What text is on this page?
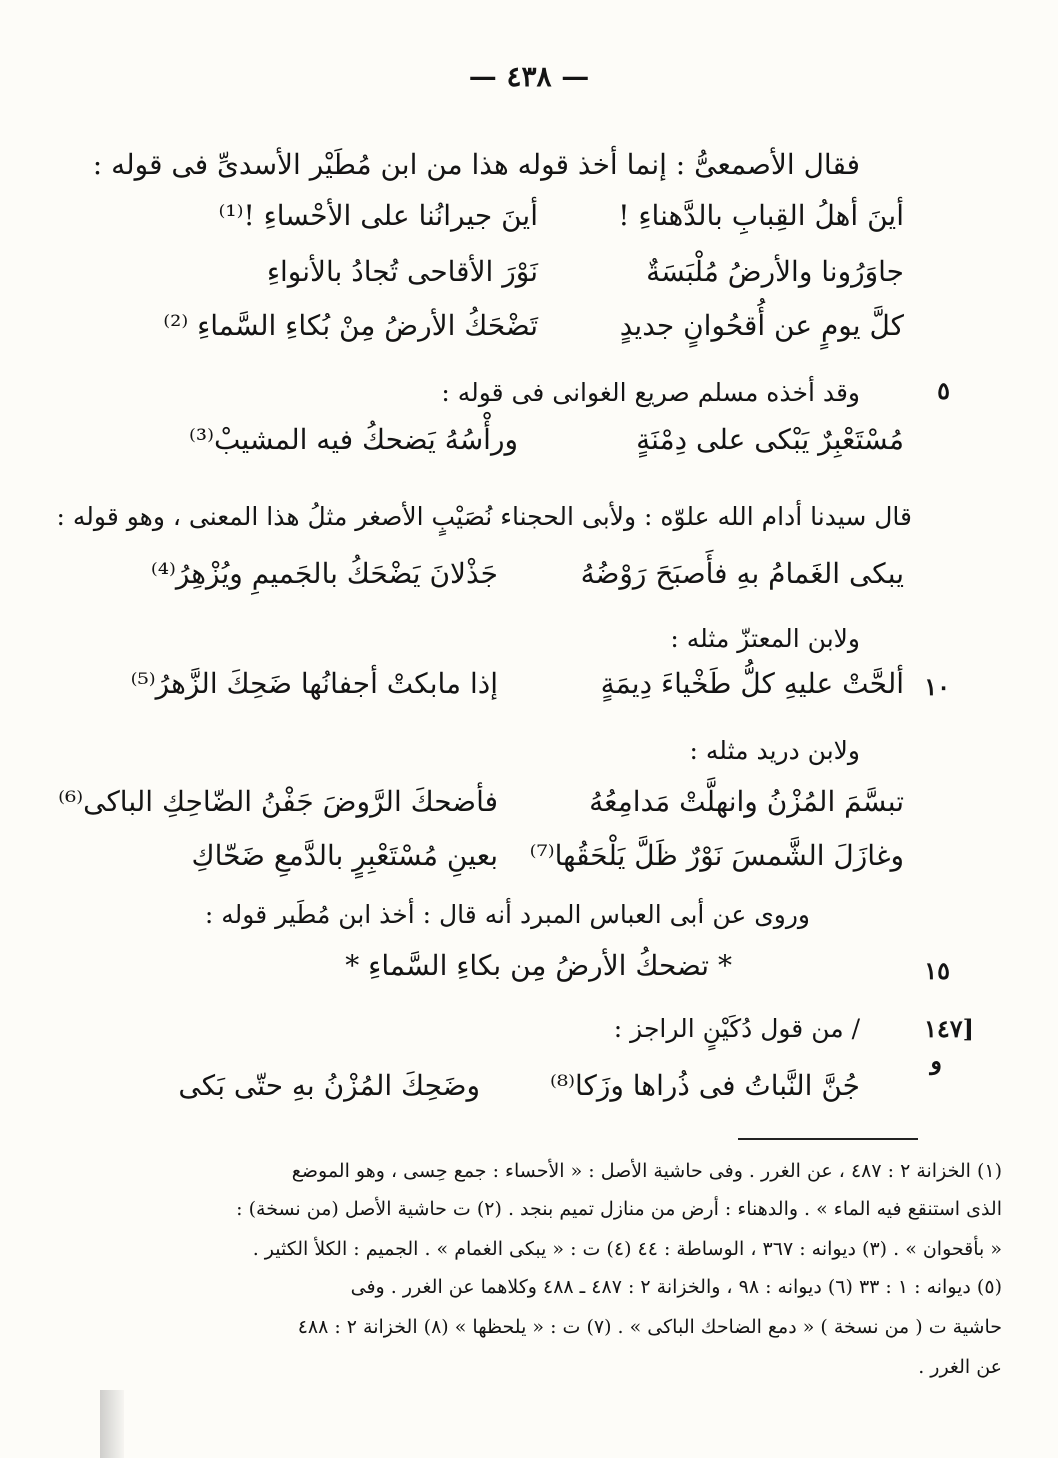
— ٤٣٨ —
فقال الأصمعىُّ : إنما أخذ قوله هذا من ابن مُطَيْر الأسدىِّ فى قوله :
أينَ أهلُ القِبابِ بالدَّهناءِ !
أينَ جيرانُنا على الأحْساءِ !⁽¹⁾
جاوَرُونا والأرضُ مُلْبَسَةٌ
نَوْرَ الأقاحى تُجادُ بالأنواءِ
كلَّ يومٍ عن أُقحُوانٍ جديدٍ
تَضْحَكُ الأرضُ مِنْ بُكاءِ السَّماءِ ⁽²⁾
٥
وقد أخذه مسلم صريع الغوانى فى قوله :
مُسْتَعْبِرٌ يَبْكى على دِمْنَةٍ
ورأْسُهُ يَضحكُ فيه المشيبْ⁽³⁾
قال سيدنا أدام الله علوّه : ولأبى الحجناء نُصَيْبٍ الأصغر مثلُ هذا المعنى ، وهو قوله :
يبكى الغَمامُ بهِ فأَصبَحَ رَوْضُهُ
جَذْلانَ يَضْحَكُ بالجَميمِ ويُزْهِرُ⁽⁴⁾
ولابن المعتزّ مثله :
١٠
ألحَّتْ عليهِ كلُّ طَخْياءَ دِيمَةٍ
إذا مابكتْ أجفانُها ضَحِكَ الزَّهرُ⁽⁵⁾
ولابن دريد مثله :
تبسَّمَ المُزْنُ وانهلَّتْ مَدامِعُهُ
فأضحكَ الرَّوضَ جَفْنُ الضّاحِكِ الباكى⁽⁶⁾
وغازَلَ الشَّمسَ نَوْرٌ ظَلَّ يَلْحَقُها⁽⁷⁾
بعينِ مُسْتَعْبِرٍ بالدَّمعِ ضَحّاكِ
وروى عن أبى العباس المبرد أنه قال : أخذ ابن مُطَير قوله :
١٥
* تضحكُ الأرضُ مِن بكاءِ السَّماءِ *
[١٤٧
و
/ من قول دُكَيْنٍ الراجز :
جُنَّ النَّباتُ فى ذُراها وزَكا⁽⁸⁾
وضَحِكَ المُزْنُ بهِ حتّى بَكى
(١) الخزانة ٢ : ٤٨٧ ، عن الغرر . وفى حاشية الأصل : « الأحساء : جمع حِسى ، وهو الموضع
الذى استنقع فيه الماء » . والدهناء : أرض من منازل تميم بنجد . (٢) ت حاشية الأصل (من نسخة) :
« بأقحوان » . (٣) ديوانه : ٣٦٧ ، الوساطة : ٤٤ (٤) ت : « يبكى الغمام » . الجميم : الكلأ الكثير .
(٥) ديوانه : ١ : ٣٣ (٦) ديوانه : ٩٨ ، والخزانة ٢ : ٤٨٧ ـ ٤٨٨ وكلاهما عن الغرر . وفى
حاشية ت ( من نسخة ) « دمع الضاحك الباكى » . (٧) ت : « يلحظها » (٨) الخزانة ٢ : ٤٨٨
عن الغرر .
